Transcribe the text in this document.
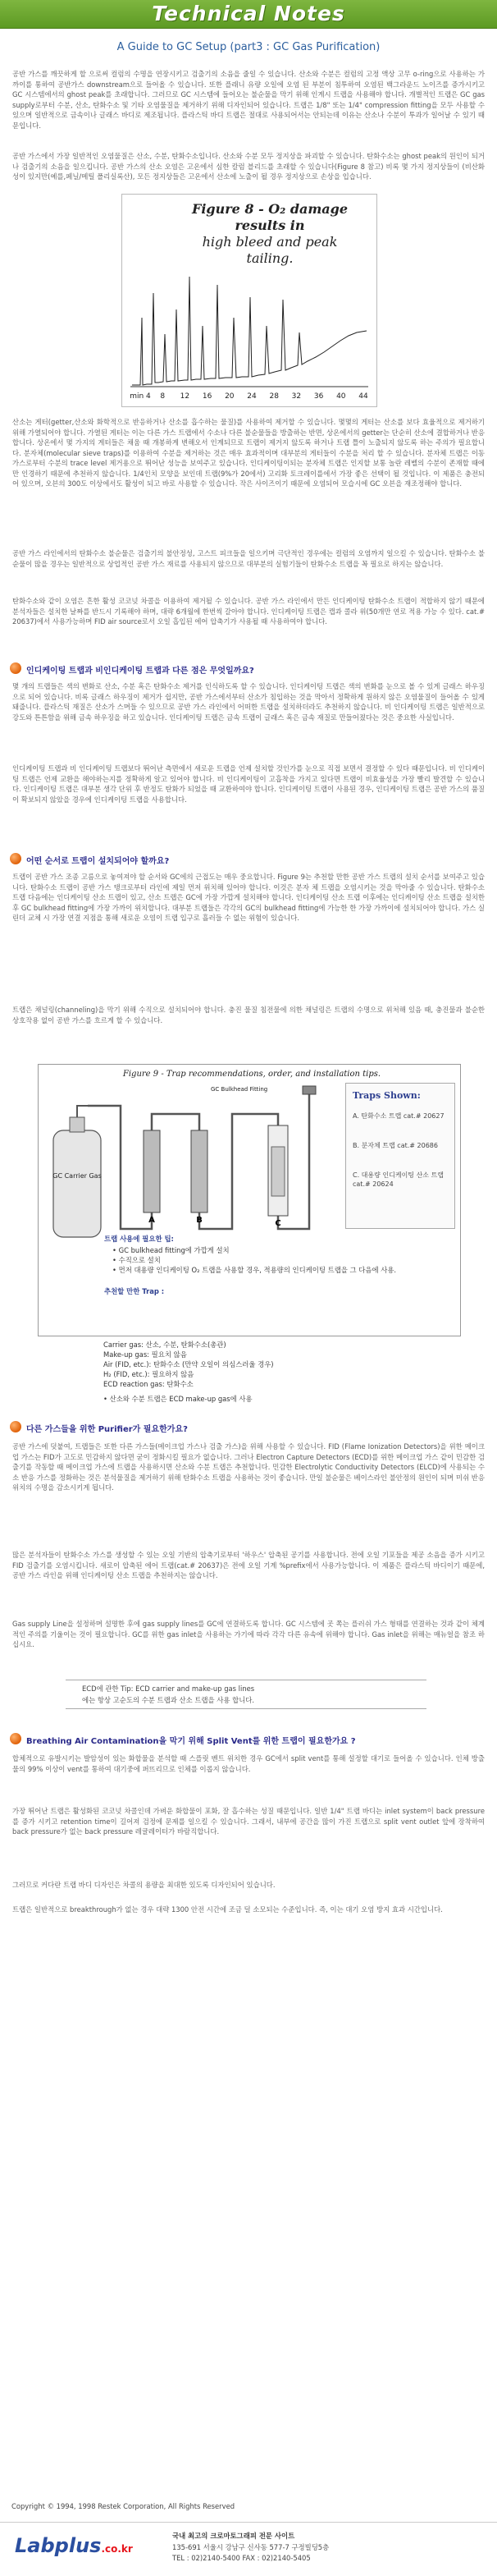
Technical Notes
A Guide to GC Setup (part3 : GC Gas Purification)

공반 가스를 깨끗하게 할 으로써 컬럼의 수명을 연장시키고 검출기의 소음을 줄일 수 있습니다. 산소와 수분은 컬럼의 고정 액상 고무 o-ring으로 사용하는 가까이를 통하여 공반가스 downstream으로 들어올 수 있습니다. 또한 플래니 유량 오일에 오염 된 부분이 침투하여 오염된 백그라운드 노이즈를 증가시키고 GC 시스템에서의 ghost peak를 초래합니다. 그러므로 GC 시스템에 들어오는 불순물을 막기 위해 인계시 트랩을 사용해야 합니다. 개별적인 트랩은 GC gas supply로부터 수분, 산소, 탄화수소 및 기타 오염물질을 제거하기 위해 디자인되어 있습니다. 트랩은 1/8" 또는 1/4" compression fitting을 모두 사용할 수 있으며 일반적으로 금속이나 글래스 바디로 제조됩니다. 플라스틱 바디 트랩은 절대로 사용되어서는 안되는데 이유는 산소나 수분이 투과가 일어날 수 있기 때문입니다.

공반 가스에서 가장 일반적인 오염물질은 산소, 수분, 탄화수소입니다. 산소와 수분 모두 정지상을 파괴할 수 있습니다. 탄화수소는 ghost peak의 원인이 되거나 검출기의 소음을 일으킵니다. 공반 가스의 산소 오염은 고온에서 심한 칼럼 블리드를 초래할 수 있습니다(Figure 8 참고) 비록 몇 가지 정지상들이 (비산화성이 있지만(예를,페닐/메틸 폴리실록산), 모든 정지상들은 고온에서 산소에 노출이 될 경우 정지상으로 손상을 입습니다.

Figure 8 - O₂ damage results in
high bleed and peak tailing.
min 4 8 12 16 20 24 28 32 36 40 44

산소는 게터(getter,산소와 화학적으로 반응하거나 산소를 흡수하는 물질)를 사용하여 제거할 수 있습니다. 몇몇의 게터는 산소를 보다 효율적으로 제거하기 위해 가열되어야 합니다. 가열된 게터는 이는 다른 가스 트랩에서 수소나 다른 불순물들을 방출하는 반면, 상온에서의 getter는 단순히 산소에 결합하거나 반응합니다. 상온에서 몇 가지의 게터들은 채움 때 개봉하게 변해오서 인계되므로 트랩이 제거지 않도록 하거나 트랩 틀이 노출되지 않도록 하는 주의가 필요합니다. 분자체(molecular sieve traps)를 이용하여 수분을 제거하는 것은 매우 효과적이며 대부분의 게터들이 수분을 처리 할 수 있습니다. 분자체 트랩은 이동 가스로부터 수분의 trace level 제거용으로 뛰어난 성능을 보여주고 있습니다. 인디케이팅이되는 분자체 트랩은 인지할 보통 놀란 레벨의 수분이 존재할 때에만 인경하기 때문에 추천하지 않습니다. 1/4인치 모양을 보인데 트랩(9%가 20에서) 고리화 토크레이를에서 가장 좋은 선택이 될 것입니다. 이 제품은 충전되어 있으며, 오븐의 300도 이상에서도 활성이 되고 바로 사용할 수 있습니다. 작은 사이즈이기 때문에 오염되어 모습시에 GC 오븐을 재조정해야 합니다.

공반 가스 라인에서의 탄화수소 불순물은 검출기의 불안정성, 고스트 피크들을 일으키며 극단적인 경우에는 컬럼의 오염까지 일으킬 수 있습니다. 탄화수소 불순물이 많을 경우는 일반적으로 상업적인 공반 가스 재료를 사용되지 않으므로 대부분의 실험기들이 탄화수소 트랩을 꼭 필요로 하지는 않습니다.

탄화수소와 같이 오염은 흔한 활성 코코넛 차콜을 이용하여 제거될 수 있습니다. 공반 가스 라인에서 만든 인디케이팅 탄화수소 트랩이 적합하지 않기 때문에 분석자들은 설치한 날짜를 반드시 기록해야 하며, 대략 6개월에 한번씩 갈아야 합니다. 인디케이팅 트랩은 캡과 콜라 위(50개만 연로 적용 가능 수 있다. cat.# 20637)에서 사용가능하며 FID air source로서 오일 흡입된 에어 압축기가 사용될 때 사용하여야 합니다.

인디케이팅 트랩과 비인디케이팅 트랩과 다른 점은 무엇일까요?

몇 개의 트랩들은 색의 변화로 산소, 수분 혹은 탄화수소 제거를 인식하도록 할 수 있습니다. 인디케이팅 트랩은 색의 변화를 눈으로 볼 수 있게 글래스 하우징으로 되어 있습니다. 비록 글래스 하우징이 제거가 쉽지만, 공반 가스에서부터 산소가 침입하는 것을 막아서 정확하게 원하지 않은 오염물질이 들어올 수 있게 돼줍니다. 플라스틱 재질은 산소가 스며들 수 있으므로 공반 가스 라인에서 어떠한 트랩을 설치하더라도 추천하지 않습니다. 비 인디케이팅 트랩은 일반적으로 강도와 튼튼함을 위해 금속 하우징을 하고 있습니다. 인디케이팅 트랩은 금속 트랩이 글래스 혹은 금속 재질로 만들어졌다는 것은 중요한 사실입니다.

인디케이팅 트랩과 비 인디케이팅 트랩보다 뛰어난 측면에서 새로운 트랩을 언제 설치할 것인가를 눈으로 직접 보면서 결정할 수 있다 때문입니다. 비 인디케이팅 트랩은 언제 교환을 해야하는지를 정확하게 알고 있어야 합니다. 비 인디케이팅이 고흡착을 가지고 있다면 트랩이 비효율성을 가장 빨리 발견할 수 있습니다. 인디케이팅 트랩은 대부분 생각 단위 후 반정도 탄화가 되었을 때 교환하여야 합니다. 인디케이팅 트랩이 사용된 경우, 인디케이팅 트랩은 공반 가스의 품질이 확보되지 않았을 경우에 인디케이팅 트랩을 사용합니다.

어떤 순서로 트랩이 설치되어야 할까요?

트랩이 공반 가스 조종 고름으로 놓여져야 할 순서와 GC에의 근접도는 매우 중요합니다. Figure 9는 추천할 만한 공반 가스 트랩의 설치 순서를 보여주고 있습니다. 탄화수소 트랩이 공반 가스 탱크로부터 라인에 제일 먼저 위치해 있어야 합니다. 이것은 분자 체 트랩을 오염시키는 것을 막아줄 수 있습니다. 탄화수소 트랩 다음에는 인디케이팅 산소 트랩이 있고, 산소 트랩은 GC에 가장 가깝게 설치해야 합니다. 인디케이팅 산소 트랩 이후에는 인디케이팅 산소 트랩을 설치한 후 GC bulkhead fitting에 가장 가까이 위치합니다. 대부분 트랩들은 각각의 GC의 bulkhead fitting에 가능한 한 가장 가까이에 설치되어야 합니다. 가스 실린더 교체 시 가장 연결 지점을 통해 새로운 오염이 트랩 입구로 흘러들 수 없는 위험이 있습니다.

트랩은 채널링(channeling)을 막기 위해 수직으로 설치되어야 합니다. 충진 물질 침전물에 의한 채널링은 트랩의 수명으로 위처해 있음 때, 충진물과 불순한 상호작용 없이 공반 가스를 흐르게 할 수 있습니다.

Figure 9 - Trap recommendations, order, and installation tips.
GC Carrier Gas
A	B	C
GC Bulkhead Fitting
Traps Shown:
A. 탄화수소 트랩 cat.# 20627
B. 분자체 트랩 cat.# 20686
C. 대용량 인디케이팅 산소 트랩 cat.# 20624
트랩 사용에 필요한 팁:
• GC bulkhead fitting에 가깝게 설치
• 수직으로 설치
• 먼저 대용량 인디케이팅 O₂ 트랩을 사용할 경우, 적용량의 인디케이팅 트랩을 그 다음에 사용.
추천할 만한 Trap :
Carrier gas: 산소, 수분, 탄화수소(총관)
Make-up gas: 필요치 않음
Air (FID, etc.): 탄화수소 (만약 오일이 의심스러울 경우)
H₂ (FID, etc.): 필요하지 않음
ECD reaction gas: 탄화수소
• 산소와 수분 트랩은 ECD make-up gas에 사용
다른 가스들을 위한 Purifier가 필요한가요?

공반 가스에 덧붙여, 트랩들은 또한 다른 가스들(메이크업 가스나 검출 가스)을 위해 사용할 수 있습니다. FID (Flame Ionization Detectors)을 위한 메이크업 가스는 FID가 고도로 민감하지 않다면 굳이 정화시킬 필요가 없습니다. 그러나 Electron Capture Detectors (ECD)를 위한 메이크업 가스 같이 민감한 검출기를 작동할 때 메이크업 가스에 트랩을 사용하시면 산소와 수분 트랩은 추천합니다. 민감한 Electrolytic Conductivity Detectors (ELCD)에 사용되는 수소 반응 가스를 정화하는 것은 분석물질을 제거하기 위해 탄화수소 트랩을 사용하는 것이 좋습니다. 만일 불순물은 베이스라인 불안정의 원인이 되며 미쉬 반응 위치의 수명을 감소시키게 됩니다.

많은 분석자들이 탄화수소 가스를 생성할 수 있는 오일 기반의 압축기로부터 '하우스' 압축된 공기를 사용합니다. 전에 오일 기포들을 제공 소음을 증가 시키고 FID 검출기를 오염시킵니다. 새로이 압축된 에어 트랩(cat.# 20637)은 전에 오일 기계 %prefix에서 사용가능합니다. 이 제품은 플라스틱 바디이기 때문에, 공반 가스 라인을 위해 인디케이팅 산소 트랩을 추천하지는 않습니다.

Gas supply Line을 설정하며 설명한 후에 gas supply lines를 GC에 연결하도록 합니다. GC 시스템에 곳 쪽는 플러쉬 가스 형태를 연결하는 것과 같이 체계적인 주의를 기울이는 것이 필요합니다. GC를 위한 gas inlet을 사용하는 가기에 따라 각각 다른 유속에 위해야 합니다. Gas inlet을 위해는 매뉴얼을 참조 하십시요.

ECD에 관한 Tip: ECD carrier and make-up gas lines
에는 항상 고순도의 수분 트랩과 산소 트랩을 사용 합니다.
Breathing Air Contamination을 막기 위해 Split Vent를 위한 트랩이 필요한가요 ?

합체적으로 유발시키는 발암성이 있는 화합물을 분석할 때 스플릿 벤트 위치한 경우 GC에서 split vent를 통해 설정할 대기로 들어올 수 있습니다. 인체 방출물의 99% 이상이 vent를 통하여 대기중에 퍼뜨리므로 인체를 이롭지 않습니다.

가장 뛰어난 트랩은 활성화된 코코넛 차콜인데 가벼운 화합물이 포화, 잘 흡수하는 성질 때문입니다. 일반 1/4" 트랩 바디는 inlet system이 back pressure를 증가 시키고 retention time이 길어져 검정에 문제를 일으킬 수 있습니다. 그래서, 내부에 공간을 많이 가진 트랩으로 split vent outlet 앞에 장착하여 back pressure가 없는 back pressure 레귤레이터가 바람직합니다.

그러므로 커다란 트랩 바디 디자인은 차콜의 용량을 최대한 있도록 디자인되어 있습니다.

트랩은 일반적으로 breakthrough가 없는 경우 대략 1300 안전 시간에 조금 덜 소모되는 수준입니다. 즉, 이는 대기 오염 방지 효과 시간입니다.

Copyright © 1994, 1998 Restek Corporation, All Rights Reserved
Labplus.co.kr
국내 최고의 크로마토그래피 전문 사이트
135-691 서울시 강남구 신사동 577-7 구정빌딩5층
TEL : 02)2140-5400 FAX : 02)2140-5405
